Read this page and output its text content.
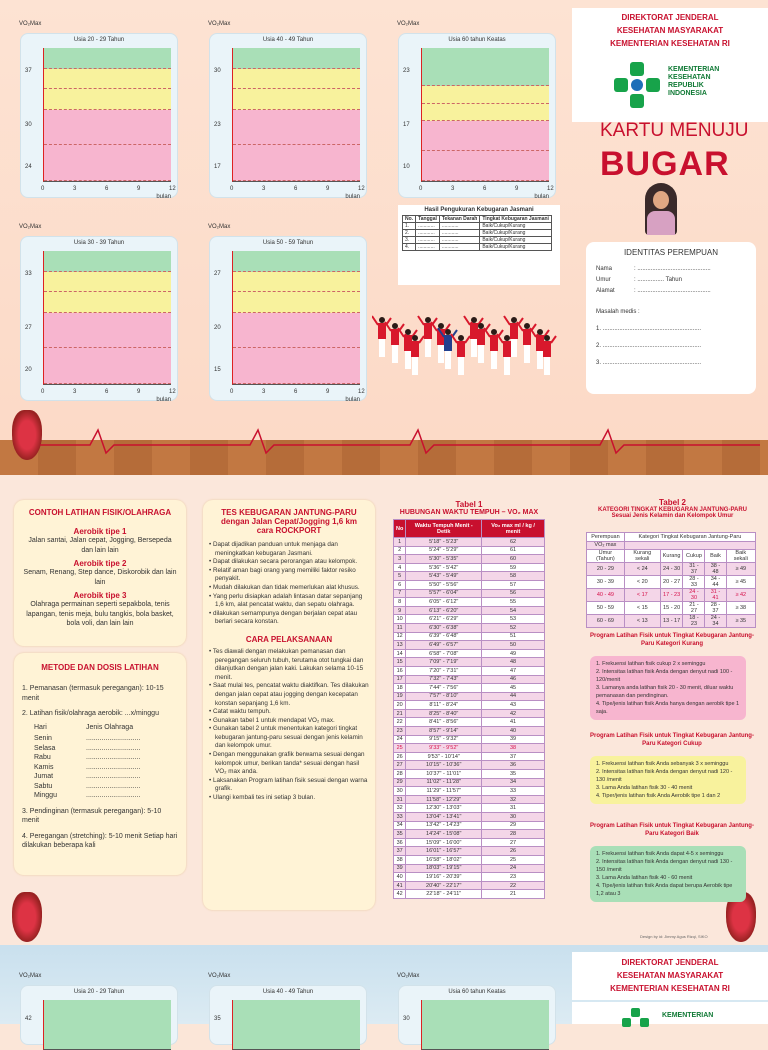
VO₂Max
Usia 20 - 29 Tahun
37
30
24
0	3	6	9	12
bulan
VO₂Max
Usia 40 - 49 Tahun
30
23
17
0	3	6	9	12
bulan
VO₂Max
Usia 60 tahun Keatas
23
17
10
0	3	6	9	12
bulan
VO₂Max
Usia 30 - 39 Tahun
33
27
20
0	3	6	9	12
bulan
VO₂Max
Usia 50 - 59 Tahun
27
20
15
0	3	6	9	12
bulan
DIREKTORAT JENDERAL
KESEHATAN MASYARAKAT
KEMENTERIAN KESEHATAN RI
KEMENTERIAN
KESEHATAN
REPUBLIK
INDONESIA
KARTU MENUJU
BUGAR
IDENTITAS PEREMPUAN
Nama	: ............................................
Umur	: ................ Tahun
Alamat	: ............................................
Masalah medis :
1. ...........................................................
2. ...........................................................
3. ...........................................................
Hasil Pengukuran Kebugaran Jasmani
No.	Tanggal	Tekanan Darah	Tingkat Kebugaran Jasmani
1.	............	............	Baik/Cukup/Kurang
2.	............	............	Baik/Cukup/Kurang
3.	............	............	Baik/Cukup/Kurang
4.	............	............	Baik/Cukup/Kurang
CONTOH LATIHAN FISIK/OLAHRAGA
Aerobik tipe 1
Jalan santai, Jalan cepat, Jogging, Bersepeda dan lain lain
Aerobik tipe 2
Senam, Renang, Step dance, Diskorobik dan lain lain
Aerobik tipe 3
Olahraga permainan seperti sepakbola, tenis lapangan, tenis meja, bulu tangkis, bola basket, bola voli, dan lain lain
METODE DAN DOSIS LATIHAN
1. Pemanasan (termasuk peregangan): 10-15 menit
2. Latihan fisik/olahraga aerobik: ...x/minggu
Hari	Jenis Olahraga
Senin	............................
Selasa	............................
Rabu	............................
Kamis	............................
Jumat	............................
Sabtu	............................
Minggu	............................
3. Pendinginan (termasuk peregangan): 5-10 menit
4. Peregangan (stretching): 5-10 menit Setiap hari dilakukan beberapa kali
TES KEBUGARAN JANTUNG-PARU dengan Jalan Cepat/Jogging 1,6 km cara ROCKPORT
• Dapat dijadikan panduan untuk menjaga dan meningkatkan kebugaran Jasmani.
• Dapat dilakukan secara perorangan atau kelompok.
• Relatif aman bagi orang yang memiliki faktor resiko penyakit.
• Mudah dilakukan dan tidak memerlukan alat khusus.
• Yang perlu disiapkan adalah lintasan datar sepanjang 1,6 km, alat pencatat waktu, dan sepatu olahraga.
• dilakukan semampunya dengan berjalan cepat atau berlari secara konstan.
CARA PELAKSANAAN
• Tes diawali dengan melakukan pemanasan dan peregangan seluruh tubuh, terutama otot tungkai dan dilanjutkan dengan jalan kaki. Lakukan selama 10-15 menit.
• Saat mulai tes, pencatat waktu diaktifkan. Tes dilakukan dengan jalan cepat atau jogging dengan kecepatan konstan sepanjang 1,6 km.
• Catat waktu tempuh.
• Gunakan tabel 1 untuk mendapat VO₂ max.
• Gunakan tabel 2 untuk menentukan kategori tingkat kebugaran jantung-paru sesuai dengan jenis kelamin dan kelompok umur.
• Dengan menggunakan grafik berwarna sesuai dengan kelompok umur, berikan tanda* sesuai dengan hasil VO₂ max anda.
• Laksanakan Program latihan fisik sesuai dengan warna grafik.
• Ulangi kembali tes ini setiap 3 bulan.
Tabel 1
HUBUNGAN WAKTU TEMPUH – VO₂ MAX
No	Waktu Tempuh Menit - Detik	Vo₂ max ml / kg / menit
1	5'18" - 5'23"	62
2	5'24" - 5'29"	61
3	5'30" - 5'35"	60
4	5'36" - 5'42"	59
5	5'43" - 5'49"	58
6	5'50" - 5'56"	57
7	5'57" - 6'04"	56
8	6'05" - 6'12"	55
9	6'13" - 6'20"	54
10	6'21" - 6'29"	53
11	6'30" - 6'38"	52
12	6'39" - 6'48"	51
13	6'49" - 6'57"	50
14	6'58" - 7'08"	49
15	7'09" - 7'19"	48
16	7'20" - 7'31"	47
17	7'32" - 7'43"	46
18	7'44" - 7'56"	45
19	7'57" - 8'10"	44
20	8'11" - 8'24"	43
21	8'25" - 8'40"	42
22	8'41" - 8'56"	41
23	8'57" - 9'14"	40
24	9'15" - 9'32"	39
25	9'33" - 9'52"	38
26	9'53" - 10'14"	37
27	10'15" - 10'36"	36
28	10'37" - 11'01"	35
29	11'02" - 11'28"	34
30	11'29" - 11'57"	33
31	11'58" - 12'29"	32
32	12'30" - 13'03"	31
33	13'04" - 13'41"	30
34	13'42" - 14'23"	29
35	14'24" - 15'08"	28
36	15'09" - 16'00"	27
37	16'01" - 16'57"	26
38	16'58" - 18'02"	25
39	18'03" - 19'15"	24
40	19'16" - 20'39"	23
41	20'40" - 22'17"	22
42	22'18" - 24'11"	21
Tabel 2
KATEGORI TINGKAT KEBUGARAN JANTUNG-PARU
Sesuai Jenis Kelamin dan Kelompok Umur
Perempuan	Kategori Tingkat Kebugaran Jantung-Paru				
VO₂ max					
Umur (Tahun)	Kurang sekali	Kurang	Cukup	Baik	Baik sekali
20 - 29	< 24	24 - 30	31 - 37	38 - 48	≥ 49
30 - 39	< 20	20 - 27	28 - 33	34 - 44	≥ 45
40 - 49	< 17	17 - 23	24 - 30	31 - 41	≥ 42
50 - 59	< 15	15 - 20	21 - 27	28 - 37	≥ 38
60 - 69	< 13	13 - 17	18 - 23	24 - 34	≥ 35
Program Latihan Fisik untuk Tingkat Kebugaran Jantung-Paru Kategori Kurang
1. Frekuensi latihan fisik cukup 2 x seminggu
2. Intensitas latihan fisik Anda dengan denyut nadi 100 - 120/menit
3. Lamanya anda latihan fisik 20 - 30 menit, diluar waktu pemanasan dan pendinginan.
4. Tipe/jenis latihan fisik Anda hanya dengan aerobik tipe 1 saja.
Program Latihan Fisik untuk Tingkat Kebugaran Jantung-Paru Kategori Cukup
1. Frekuensi latihan fisik Anda sebanyak 3 x seminggu
2. Intensitas latihan fisik Anda dengan denyut nadi 120 - 130 /menit
3. Lama Anda latihan fisik 30 - 40 menit
4. Tiper/jenis latihan fisik Anda Aerobik tipe 1 dan 2
Program Latihan Fisik untuk Tingkat Kebugaran Jantung-Paru Kategori Baik
1. Frekuensi latihan fisik Anda dapat 4-5 x seminggu
2. Intensitas latihan fisik Anda dengan denyut nadi 130 - 150 /menit
3. Lama Anda latihan fisik 40 - 60 menit
4. Tipe/jenis latihan fisik Anda dapat berupa Aerobik tipe 1,2 atau 3
Design by id: Jimmy Agus Rizqi, SIKO
VO₂Max
Usia 20 - 29 Tahun
42
VO₂Max
Usia 40 - 49 Tahun
35
VO₂Max
Usia 60 tahun Keatas
30
DIREKTORAT JENDERAL
KESEHATAN MASYARAKAT
KEMENTERIAN KESEHATAN RI
KEMENTERIAN
